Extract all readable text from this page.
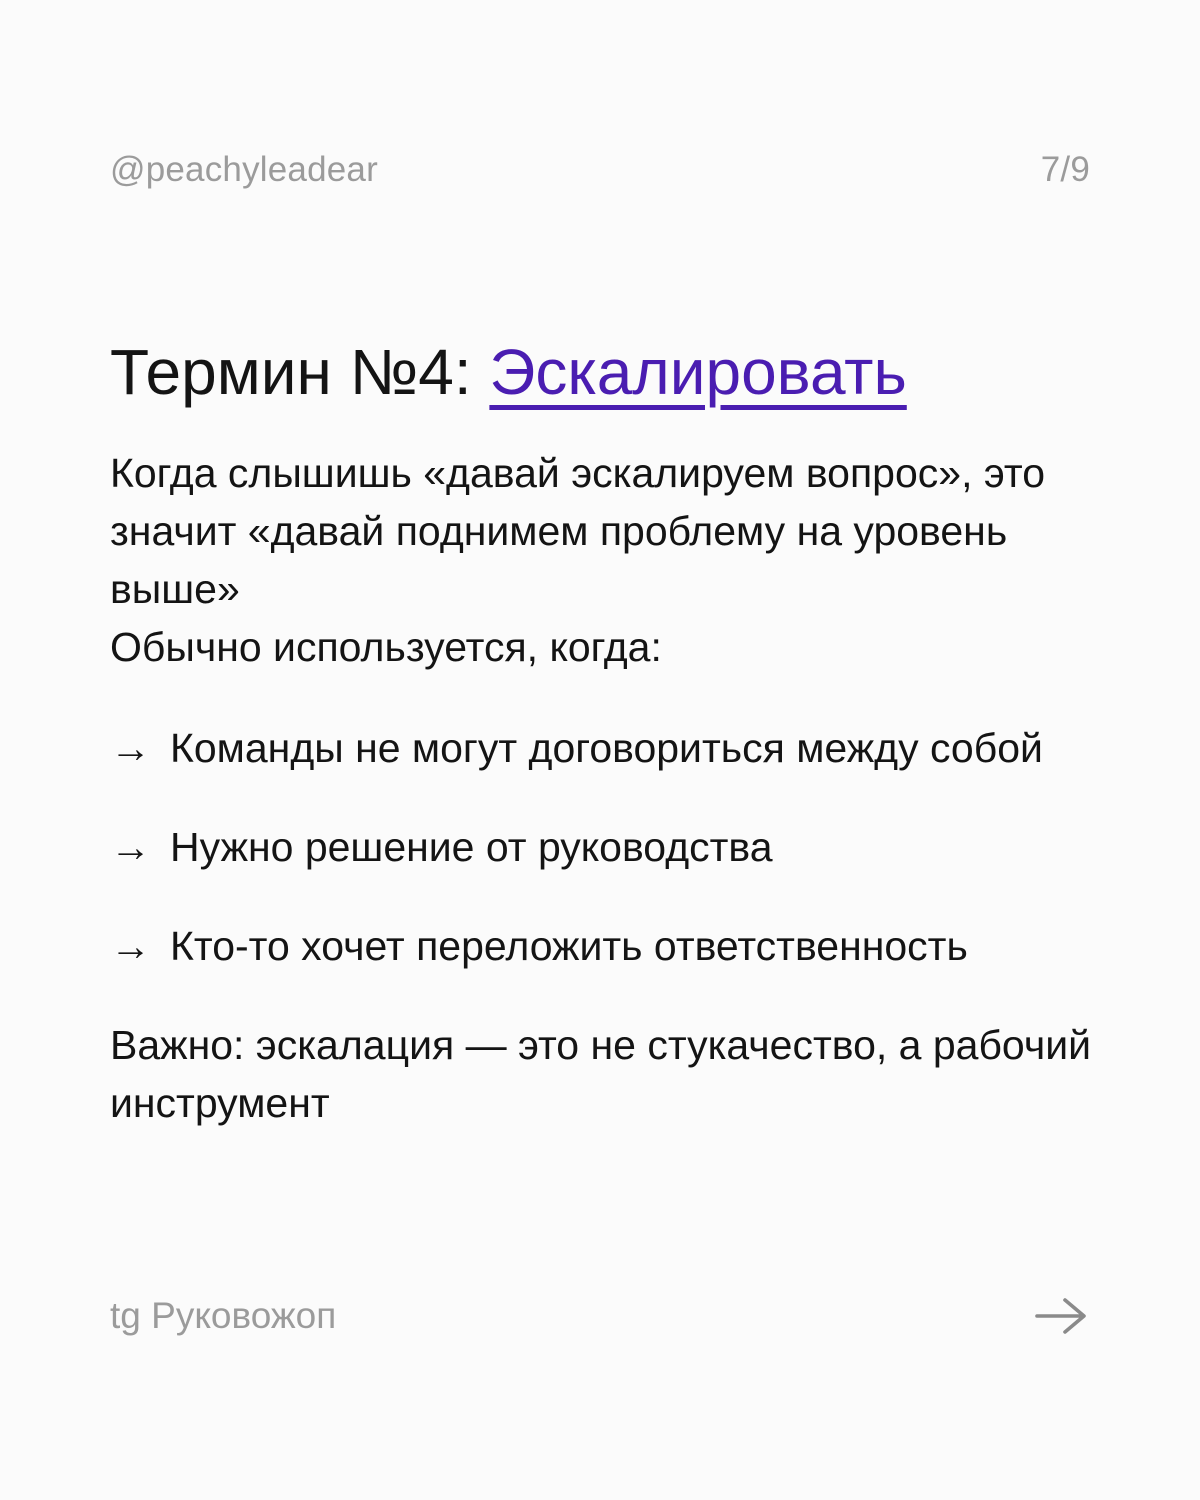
@peachyleadear	7/9
Термин №4: Эскалировать
Когда слышишь «давай эскалируем вопрос», это значит «давай поднимем проблему на уровень выше»
Обычно используется, когда:
→ Команды не могут договориться между собой
→ Нужно решение от руководства
→ Кто-то хочет переложить ответственность

Важно: эскалация — это не стукачество, а рабочий инструмент

tg Руковожоп
